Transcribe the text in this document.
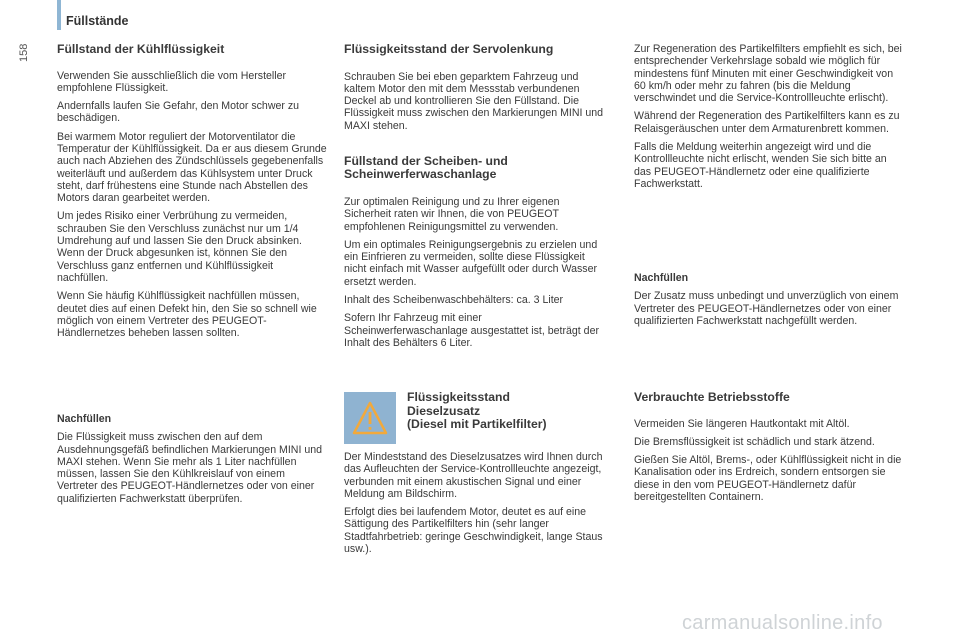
Füllstände
158 Füllstand der Kühlflüssigkeit

Verwenden Sie ausschließlich die vom Hersteller empfohlene Flüssigkeit.

Andernfalls laufen Sie Gefahr, den Motor schwer zu beschädigen.

Bei warmem Motor reguliert der Motorventilator die Temperatur der Kühlflüssigkeit. Da er aus diesem Grunde auch nach Abziehen des Zündschlüssels gegebenenfalls weiterläuft und außerdem das Kühlsystem unter Druck steht, darf frühestens eine Stunde nach Abstellen des Motors daran gearbeitet werden.

Um jedes Risiko einer Verbrühung zu vermeiden, schrauben Sie den Verschluss zunächst nur um 1/4 Umdrehung auf und lassen Sie den Druck absinken. Wenn der Druck abgesunken ist, können Sie den Verschluss ganz entfernen und Kühlflüssigkeit nachfüllen.

Wenn Sie häufig Kühlflüssigkeit nachfüllen müssen, deutet dies auf einen Defekt hin, den Sie so schnell wie möglich von einem Vertreter des PEUGEOT-Händlernetzes beheben lassen sollten.

Nachfüllen

Die Flüssigkeit muss zwischen den auf dem Ausdehnungsgefäß befindlichen Markierungen MINI und MAXI stehen. Wenn Sie mehr als 1 Liter nachfüllen müssen, lassen Sie den Kühlkreislauf von einem Vertreter des PEUGEOT-Händlernetzes oder von einer qualifizierten Fachwerkstatt überprüfen.

Flüssigkeitsstand der Servolenkung

Schrauben Sie bei eben geparktem Fahrzeug und kaltem Motor den mit dem Messstab verbundenen Deckel ab und kontrollieren Sie den Füllstand. Die Flüssigkeit muss zwischen den Markierungen MINI und MAXI stehen.

Füllstand der Scheiben- und
Scheinwerferwaschanlage

Zur optimalen Reinigung und zu Ihrer eigenen Sicherheit raten wir Ihnen, die von PEUGEOT empfohlenen Reinigungsmittel zu verwenden.

Um ein optimales Reinigungsergebnis zu erzielen und ein Einfrieren zu vermeiden, sollte diese Flüssigkeit nicht einfach mit Wasser aufgefüllt oder durch Wasser ersetzt werden.

Inhalt des Scheibenwaschbehälters: ca. 3 Liter

Sofern Ihr Fahrzeug mit einer Scheinwerferwaschanlage ausgestattet ist, beträgt der Inhalt des Behälters 6 Liter.

Flüssigkeitsstand
Dieselzusatz
(Diesel mit Partikelfilter)

Der Mindeststand des Dieselzusatzes wird Ihnen durch das Aufleuchten der Service-Kontrollleuchte angezeigt, verbunden mit einem akustischen Signal und einer Meldung am Bildschirm.

Erfolgt dies bei laufendem Motor, deutet es auf eine Sättigung des Partikelfilters hin (sehr langer Stadtfahrbetrieb: geringe Geschwindigkeit, lange Staus usw.).

Zur Regeneration des Partikelfilters empfiehlt es sich, bei entsprechender Verkehrslage sobald wie möglich für mindestens fünf Minuten mit einer Geschwindigkeit von 60 km/h oder mehr zu fahren (bis die Meldung verschwindet und die Service-Kontrollleuchte erlischt).

Während der Regeneration des Partikelfilters kann es zu Relaisgeräuschen unter dem Armaturenbrett kommen.

Falls die Meldung weiterhin angezeigt wird und die Kontrollleuchte nicht erlischt, wenden Sie sich bitte an das PEUGEOT-Händlernetz oder eine qualifizierte Fachwerkstatt.

Nachfüllen

Der Zusatz muss unbedingt und unverzüglich von einem Vertreter des PEUGEOT-Händlernetzes oder von einer qualifizierten Fachwerkstatt nachgefüllt werden.

Verbrauchte Betriebsstoffe

Vermeiden Sie längeren Hautkontakt mit Altöl.

Die Bremsflüssigkeit ist schädlich und stark ätzend.

Gießen Sie Altöl, Brems-, oder Kühlflüssigkeit nicht in die Kanalisation oder ins Erdreich, sondern entsorgen sie diese in den vom PEUGEOT-Händlernetz dafür bereitgestellten Containern.

carmanualsonline.info
